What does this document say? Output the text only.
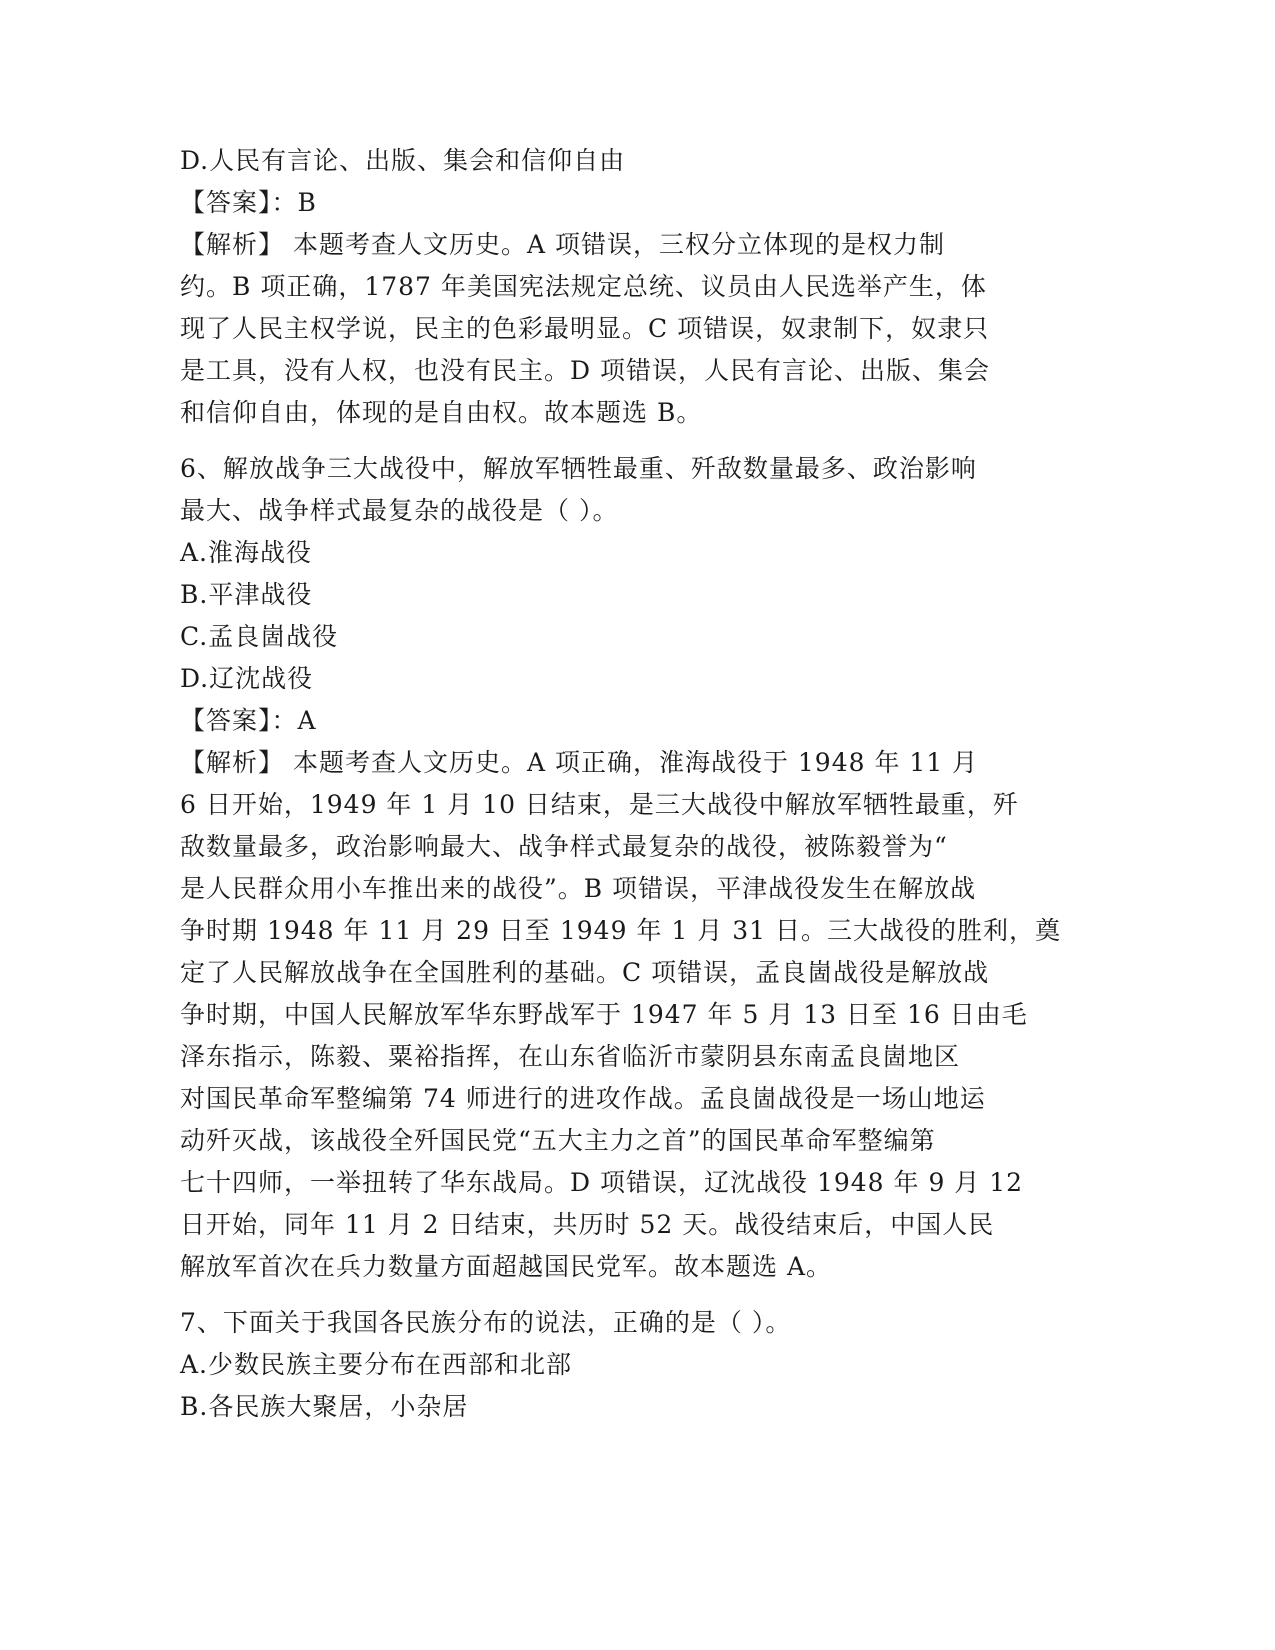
D.人民有言论、出版、集会和信仰自由
【答案】：B
【解析】 本题考查人文历史。A 项错误，三权分立体现的是权力制
约。B 项正确，1787 年美国宪法规定总统、议员由人民选举产生，体
现了人民主权学说，民主的色彩最明显。C 项错误，奴隶制下，奴隶只
是工具，没有人权，也没有民主。D 项错误，人民有言论、出版、集会
和信仰自由，体现的是自由权。故本题选 B。
6、解放战争三大战役中，解放军牺牲最重、歼敌数量最多、政治影响
最大、战争样式最复杂的战役是（ ）。
A.淮海战役
B.平津战役
C.孟良崮战役
D.辽沈战役
【答案】：A
【解析】 本题考查人文历史。A 项正确，淮海战役于 1948 年 11 月
6 日开始，1949 年 1 月 10 日结束，是三大战役中解放军牺牲最重，歼
敌数量最多，政治影响最大、战争样式最复杂的战役，被陈毅誉为“
是人民群众用小车推出来的战役”。B 项错误，平津战役发生在解放战
争时期 1948 年 11 月 29 日至 1949 年 1 月 31 日。三大战役的胜利，奠
定了人民解放战争在全国胜利的基础。C 项错误，孟良崮战役是解放战
争时期，中国人民解放军华东野战军于 1947 年 5 月 13 日至 16 日由毛
泽东指示，陈毅、粟裕指挥，在山东省临沂市蒙阴县东南孟良崮地区
对国民革命军整编第 74 师进行的进攻作战。孟良崮战役是一场山地运
动歼灭战，该战役全歼国民党“五大主力之首”的国民革命军整编第
七十四师，一举扭转了华东战局。D 项错误，辽沈战役 1948 年 9 月 12
日开始，同年 11 月 2 日结束，共历时 52 天。战役结束后，中国人民
解放军首次在兵力数量方面超越国民党军。故本题选 A。
7、下面关于我国各民族分布的说法，正确的是（ ）。
A.少数民族主要分布在西部和北部
B.各民族大聚居，小杂居
